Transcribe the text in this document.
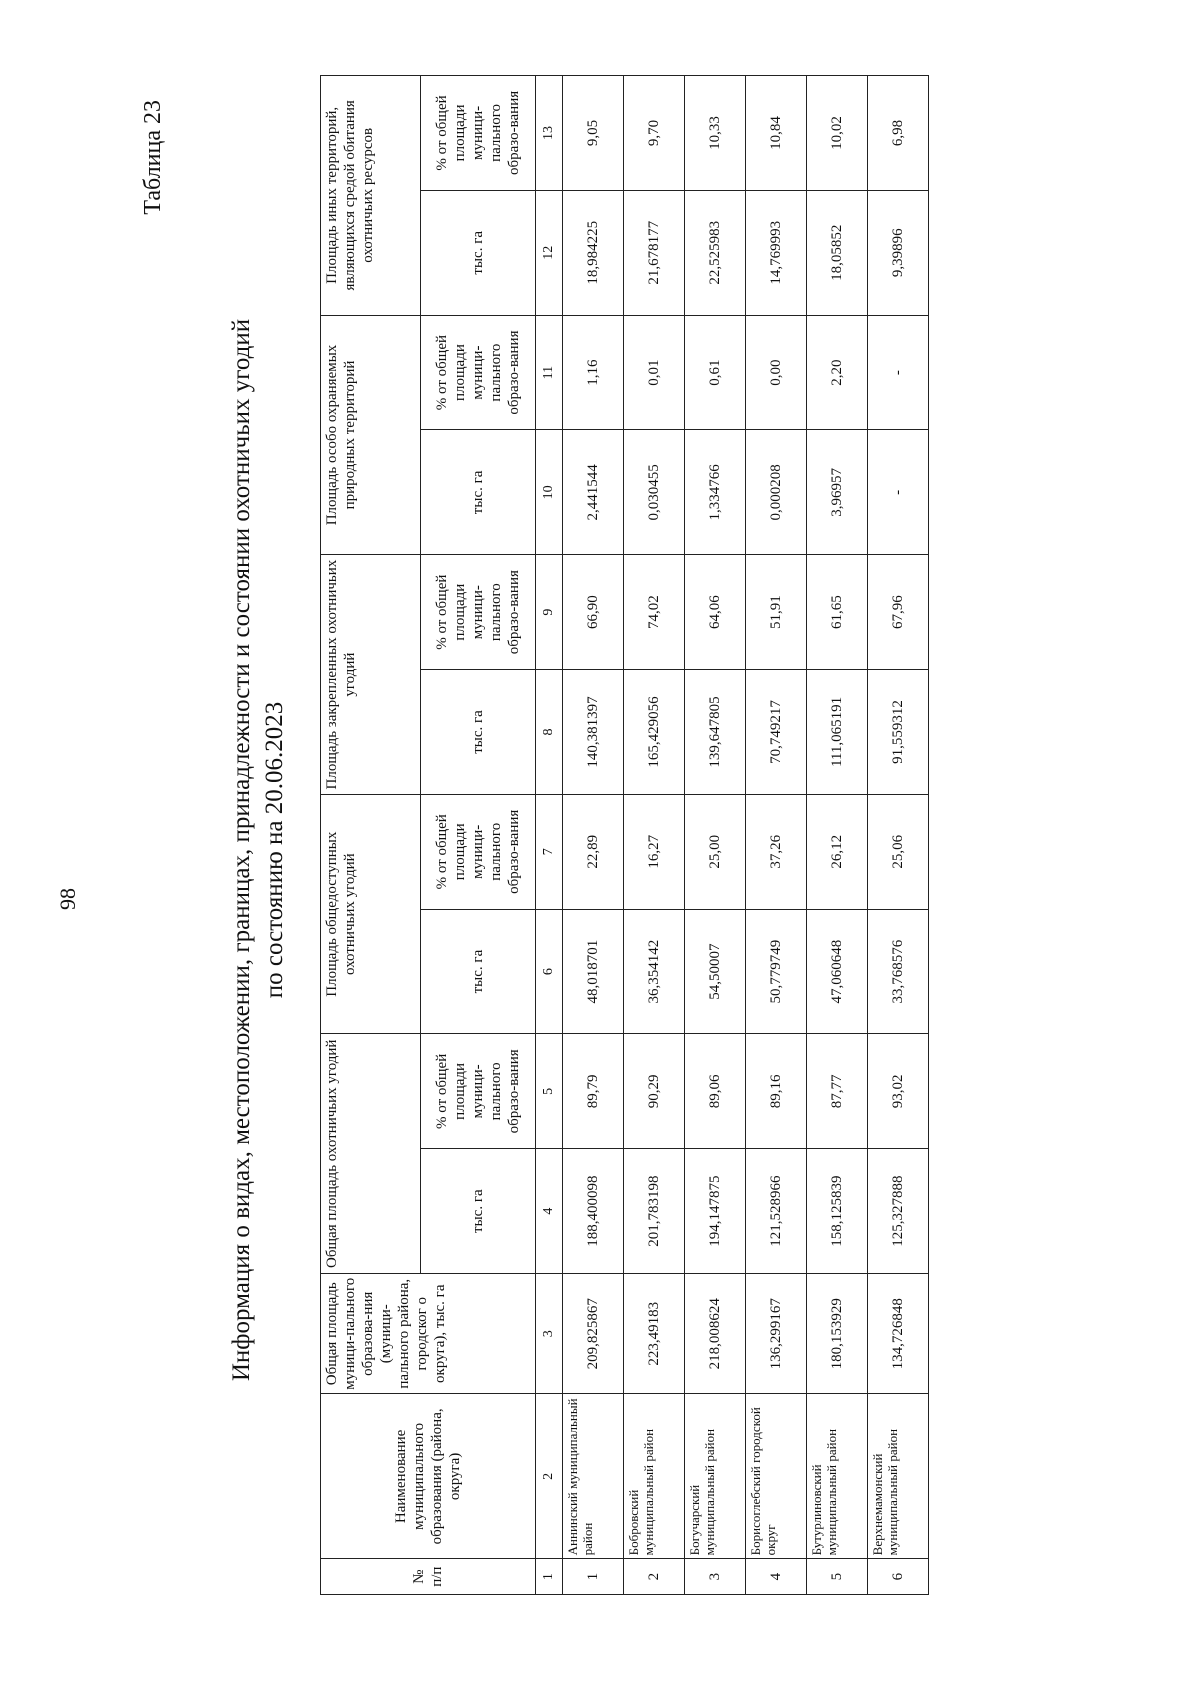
98
Таблица 23
Информация о видах, местоположении, границах, принадлежности и состоянии охотничьих угодий по состоянию на 20.06.2023
№ п/п	Наименование муниципального образования (района, округа)	Общая площадь муници-пального образова-ния (муници-пального района, городског о округа), тыс. га	Общая площадь охотничьих угодий		Площадь общедоступных охотничьих угодий		Площадь закрепленных охотничьих угодий		Площадь особо охраняемых природных территорий		Площадь иных территорий, являющихся средой обитания охотничьих ресурсов	
			тыс. га	% от общей площади муници-пального образо-вания	тыс. га	% от общей площади муници-пального образо-вания	тыс. га	% от общей площади муници-пального образо-вания	тыс. га	% от общей площади муници-пального образо-вания	тыс. га	% от общей площади муници-пального образо-вания
1	2	3	4	5	6	7	8	9	10	11	12	13
1	Аннинский муниципальный район	209,825867	188,400098	89,79	48,018701	22,89	140,381397	66,90	2,441544	1,16	18,984225	9,05
2	Бобровский муниципальный район	223,49183	201,783198	90,29	36,354142	16,27	165,429056	74,02	0,030455	0,01	21,678177	9,70
3	Богучарский муниципальный район	218,008624	194,147875	89,06	54,50007	25,00	139,647805	64,06	1,334766	0,61	22,525983	10,33
4	Борисоглебский городской округ	136,299167	121,528966	89,16	50,779749	37,26	70,749217	51,91	0,000208	0,00	14,769993	10,84
5	Бутурлиновский муниципальный район	180,153929	158,125839	87,77	47,060648	26,12	111,065191	61,65	3,96957	2,20	18,05852	10,02
6	Верхнемамонский муниципальный район	134,726848	125,327888	93,02	33,768576	25,06	91,559312	67,96	-	-	9,39896	6,98
